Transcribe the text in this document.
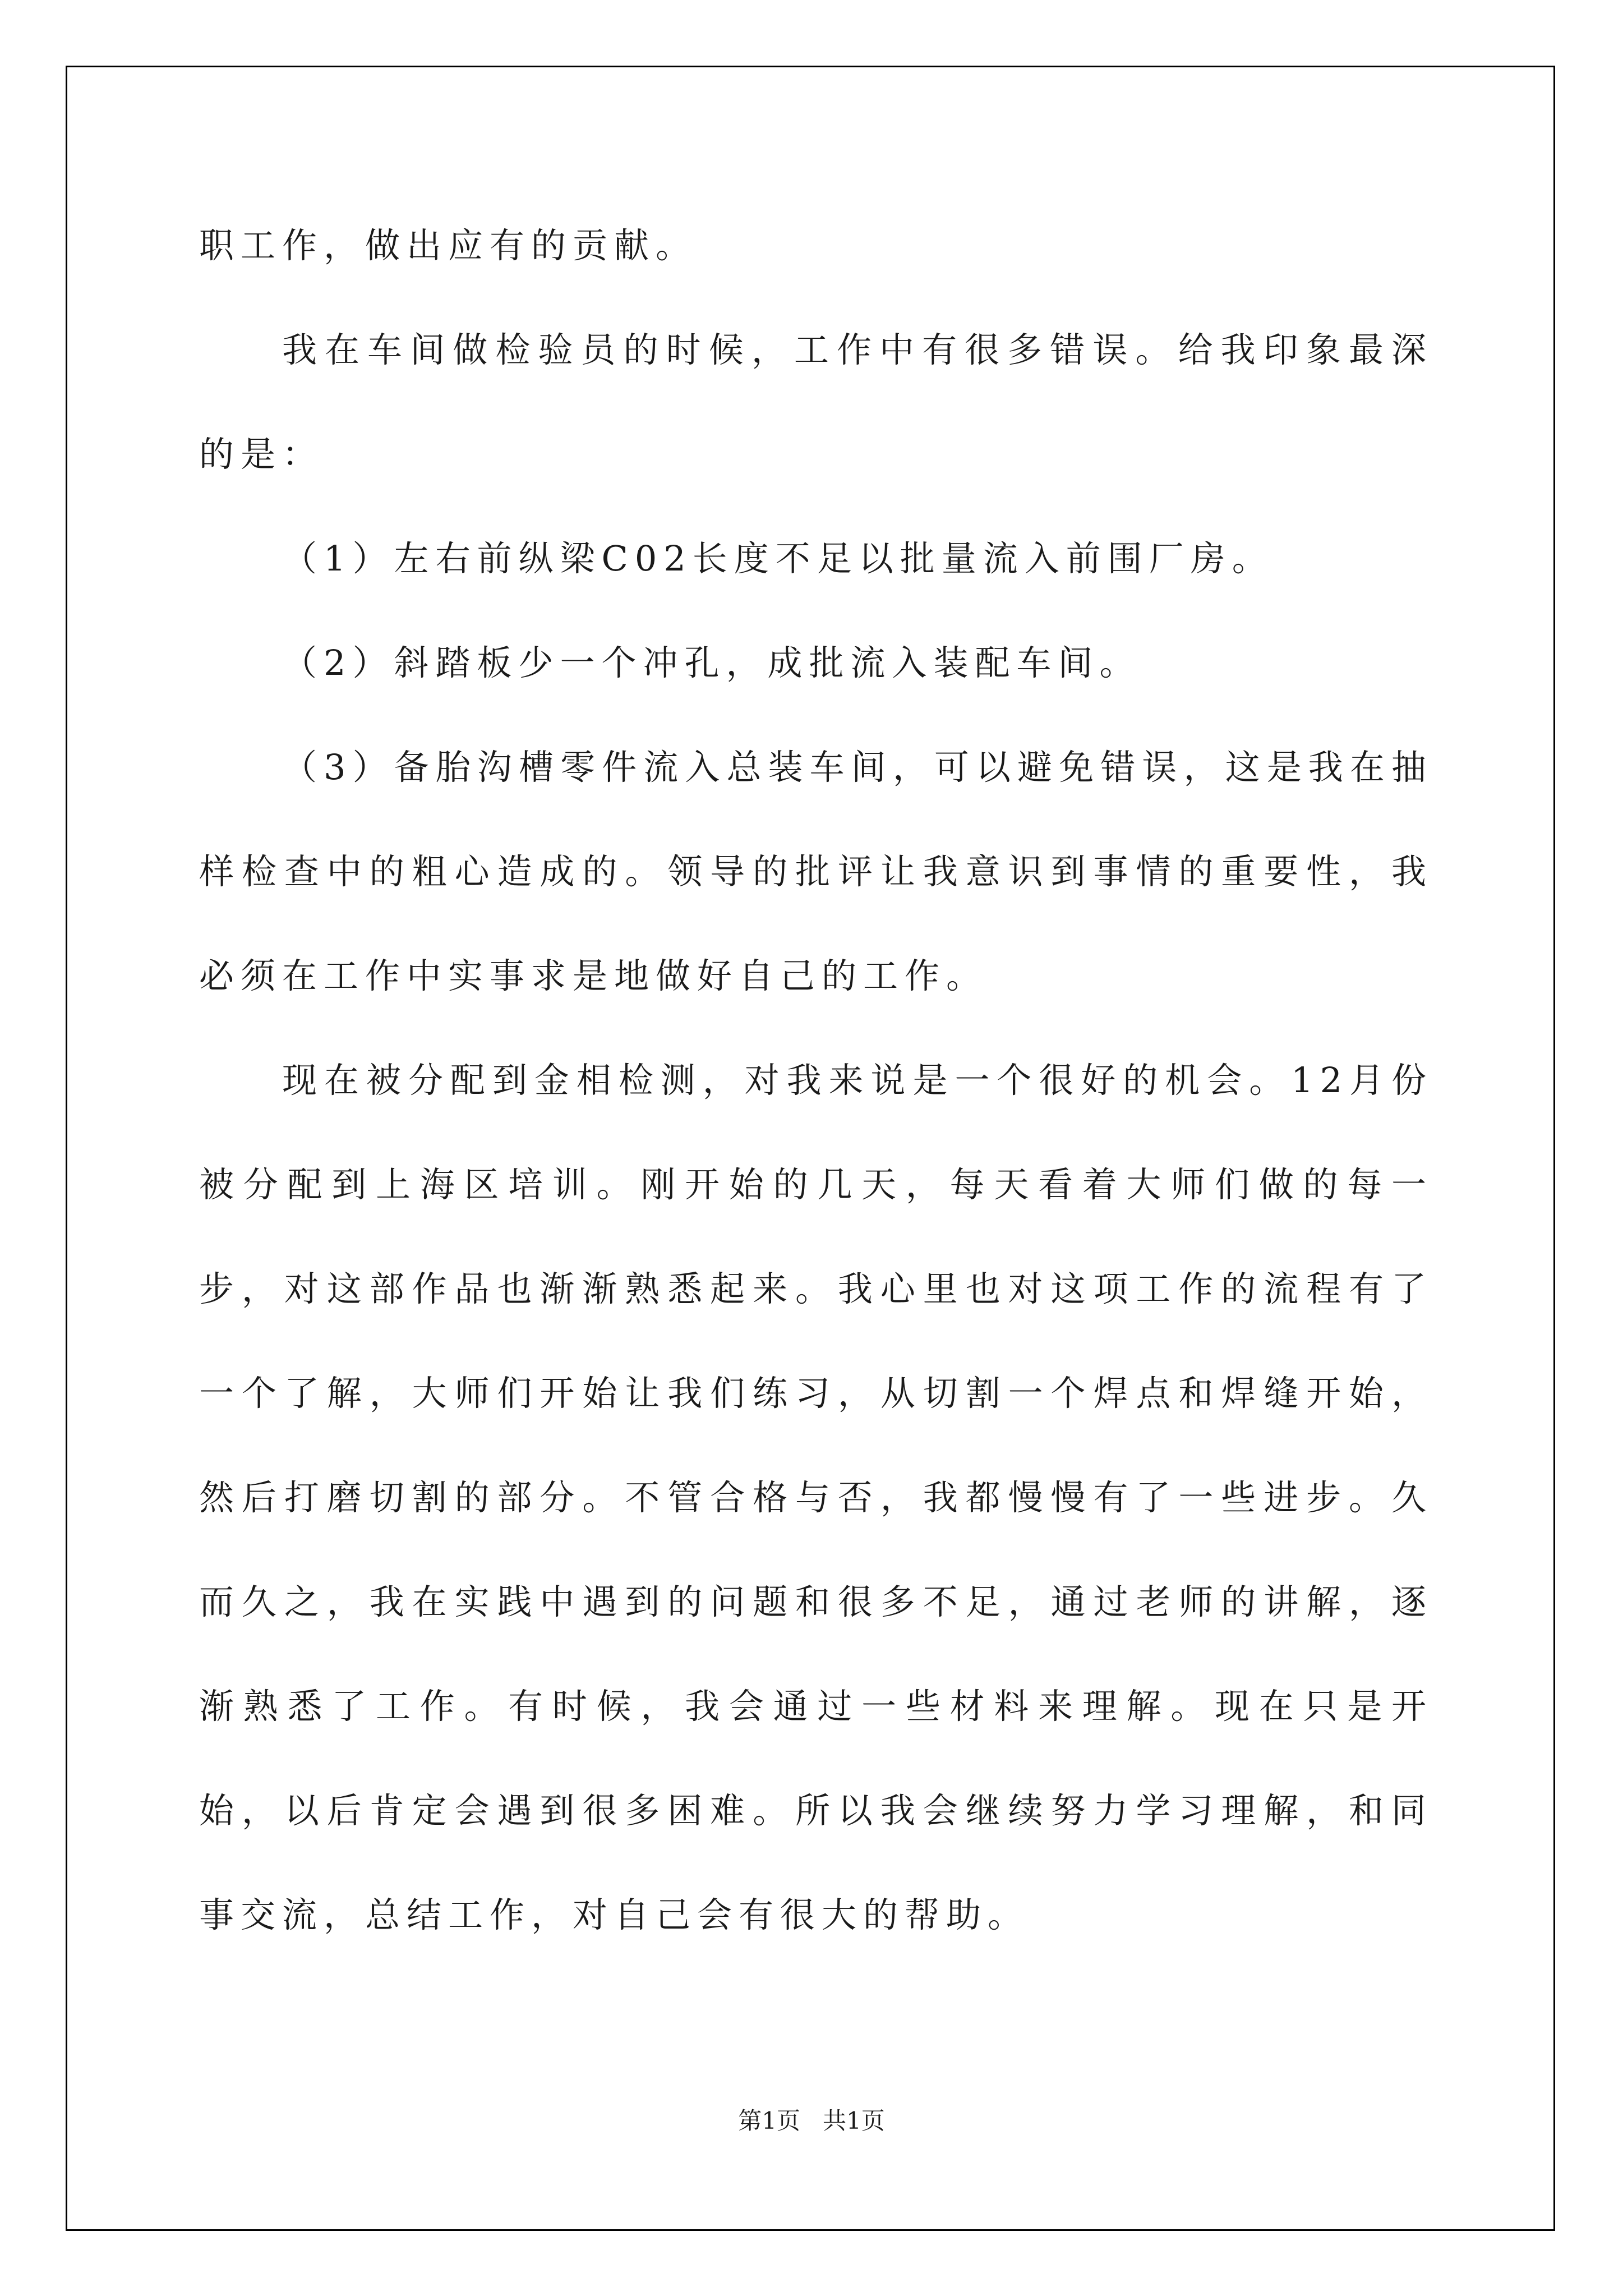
职工作，做出应有的贡献。

我在车间做检验员的时候，工作中有很多错误。给我印象最深的是：

（1）左右前纵梁C02长度不足以批量流入前围厂房。

（2）斜踏板少一个冲孔，成批流入装配车间。

（3）备胎沟槽零件流入总装车间，可以避免错误，这是我在抽样检查中的粗心造成的。领导的批评让我意识到事情的重要性，我必须在工作中实事求是地做好自己的工作。

现在被分配到金相检测，对我来说是一个很好的机会。12月份被分配到上海区培训。刚开始的几天，每天看着大师们做的每一步，对这部作品也渐渐熟悉起来。我心里也对这项工作的流程有了一个了解，大师们开始让我们练习，从切割一个焊点和焊缝开始，然后打磨切割的部分。不管合格与否，我都慢慢有了一些进步。久而久之，我在实践中遇到的问题和很多不足，通过老师的讲解，逐渐熟悉了工作。有时候，我会通过一些材料来理解。现在只是开始，以后肯定会遇到很多困难。所以我会继续努力学习理解，和同事交流，总结工作，对自己会有很大的帮助。

第1页   共1页
